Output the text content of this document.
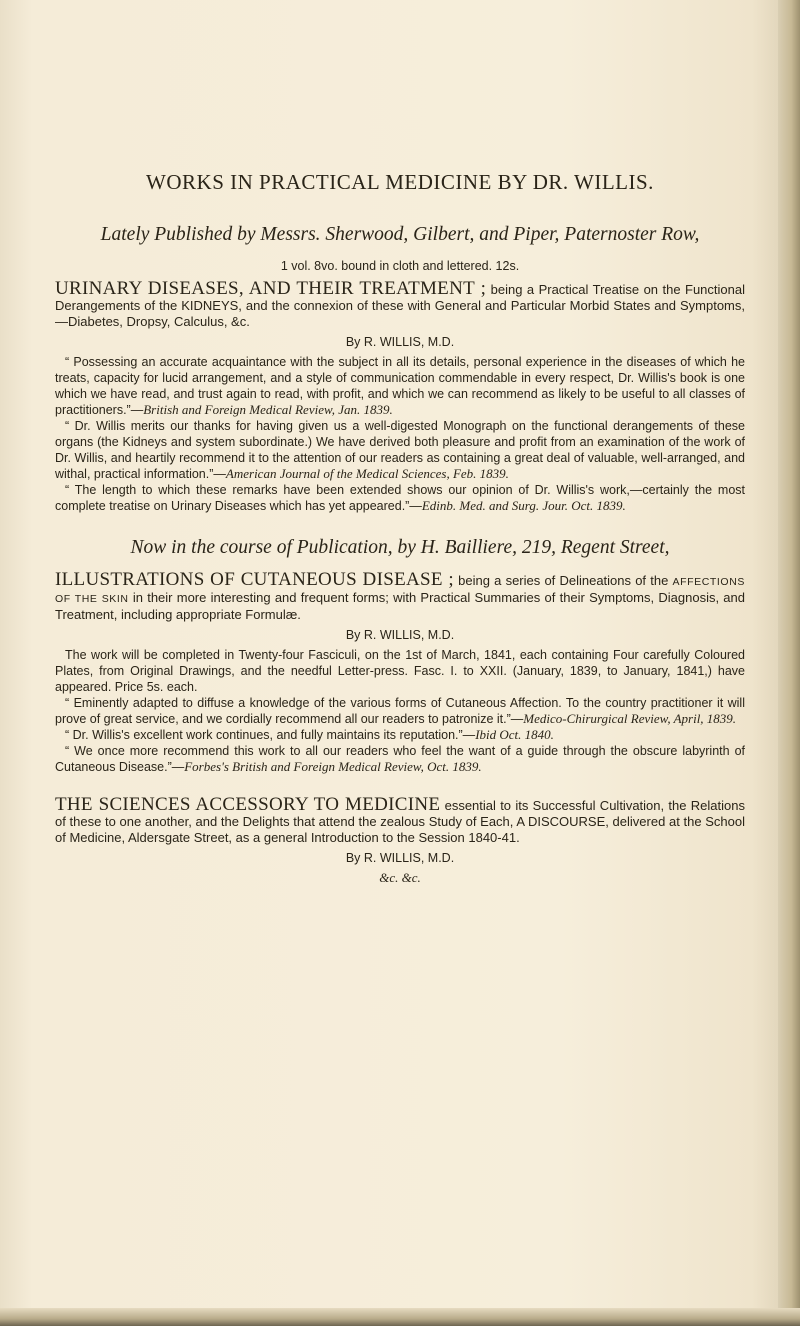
WORKS IN PRACTICAL MEDICINE BY DR. WILLIS.

Lately Published by Messrs. Sherwood, Gilbert, and Piper, Paternoster Row,

1 vol. 8vo. bound in cloth and lettered. 12s.

URINARY DISEASES, AND THEIR TREATMENT ; being a Practical Treatise on the Functional Derangements of the KIDNEYS, and the connexion of these with General and Particular Morbid States and Symptoms,—Diabetes, Dropsy, Calculus, &c.

By R. WILLIS, M.D.

“ Possessing an accurate acquaintance with the subject in all its details, personal experience in the diseases of which he treats, capacity for lucid arrangement, and a style of communication commendable in every respect, Dr. Willis's book is one which we have read, and trust again to read, with profit, and which we can recommend as likely to be useful to all classes of practitioners.”—British and Foreign Medical Review, Jan. 1839.

“ Dr. Willis merits our thanks for having given us a well-digested Monograph on the functional derangements of these organs (the Kidneys and system subordinate.) We have derived both pleasure and profit from an examination of the work of Dr. Willis, and heartily recommend it to the attention of our readers as containing a great deal of valuable, well-arranged, and withal, practical information.”—American Journal of the Medical Sciences, Feb. 1839.

“ The length to which these remarks have been extended shows our opinion of Dr. Willis's work,—certainly the most complete treatise on Urinary Diseases which has yet appeared.”—Edinb. Med. and Surg. Jour. Oct. 1839.

Now in the course of Publication, by H. Bailliere, 219, Regent Street,

ILLUSTRATIONS OF CUTANEOUS DISEASE ; being a series of Delineations of the AFFECTIONS OF THE SKIN in their more interesting and frequent forms; with Practical Summaries of their Symptoms, Diagnosis, and Treatment, including appropriate Formulæ.

By R. WILLIS, M.D.

The work will be completed in Twenty-four Fasciculi, on the 1st of March, 1841, each containing Four carefully Coloured Plates, from Original Drawings, and the needful Letter-press. Fasc. I. to XXII. (January, 1839, to January, 1841,) have appeared. Price 5s. each.

“ Eminently adapted to diffuse a knowledge of the various forms of Cutaneous Affection. To the country practitioner it will prove of great service, and we cordially recommend all our readers to patronize it.”—Medico-Chirurgical Review, April, 1839.

“ Dr. Willis's excellent work continues, and fully maintains its reputation.”—Ibid Oct. 1840.

“ We once more recommend this work to all our readers who feel the want of a guide through the obscure labyrinth of Cutaneous Disease.”—Forbes's British and Foreign Medical Review, Oct. 1839.

THE SCIENCES ACCESSORY TO MEDICINE essential to its Successful Cultivation, the Relations of these to one another, and the Delights that attend the zealous Study of Each, A DISCOURSE, delivered at the School of Medicine, Aldersgate Street, as a general Introduction to the Session 1840-41.

By R. WILLIS, M.D.

&c. &c.
